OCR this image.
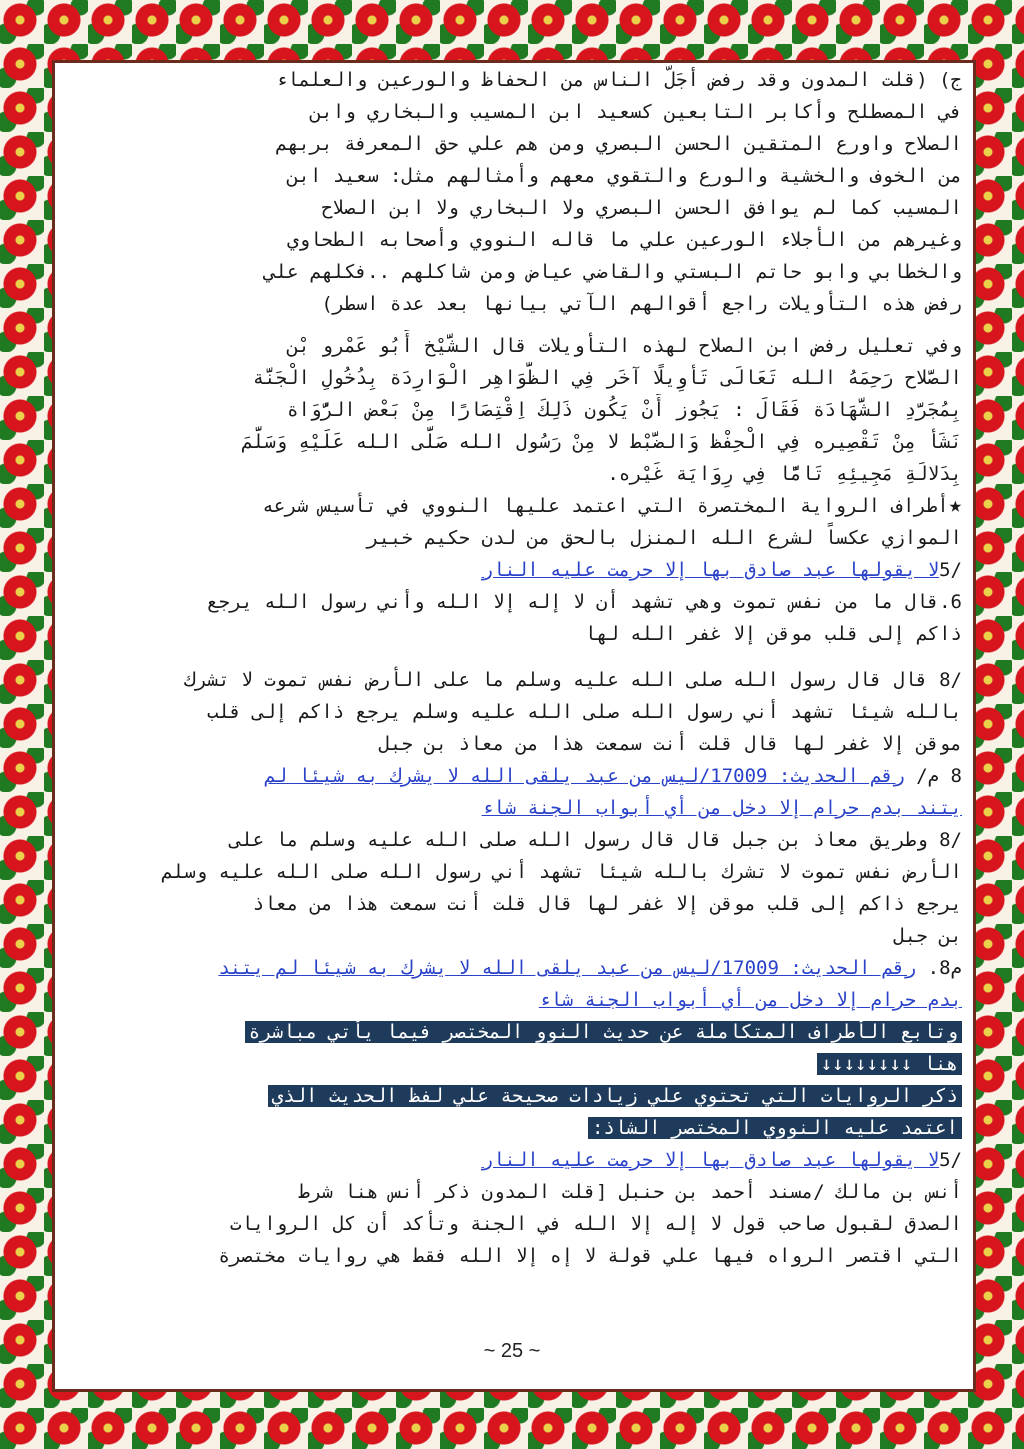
ج) (قلت المدون وقد رفض أجَلّ الناس من الحفاظ والورعين والعلماء
في المصطلح وأكابر التابعين كسعيد ابن المسيب والبخاري وابن
الصلاح واورع المتقين الحسن البصري ومن هم علي حق المعرفة بربهم
من الخوف والخشية والورع والتقوي معهم وأمثالهم مثل: سعيد ابن
المسيب كما لم يوافق الحسن البصري ولا البخاري ولا ابن الصلاح
وغيرهم من الأجلاء الورعين علي ما قاله النووي وأصحابه الطحاوي
والخطابي وابو حاتم البستي والقاضي عياض ومن شاكلهم ..فكلهم علي
رفض هذه التأويلات راجع أقوالهم الآتي بيانها بعد عدة اسطر)
وفي تعليل رفض ابن الصلاح لهذه التأويلات قال الشَّيْخ أَبُو عَمْرو بْن
الصَّلاح رَحِمَهُ الله تَعَالَى تَأْوِيلًا آخَر فِي الظَّوَاهِر الْوَارِدَة بِدُخُولِ الْجَنَّة
بِمُجَرَّدِ الشَّهَادَة فَقَالَ : يَجُوز أَنْ يَكُون ذَلِكَ اِقْتِصَارًا مِنْ بَعْض الرُّوَاة
نَشَأَ مِنْ تَقْصِيره فِي الْحِفْظ وَالضَّبْط لا مِنْ رَسُول الله صَلَّى الله عَلَيْهِ وَسَلَّمَ
بِدَلالَةِ مَجِيئِهِ تَامًّا فِي رِوَايَة غَيْره.
★أطراف الرواية المختصرة التي اعتمد عليها النووي في تأسيس شرعه
الموازي عكساً لشرع الله المنزل بالحق من لدن حكيم خبير
5/لا يقولها عبد صادق بها إلا حرمت عليه النار
.6قال ما من نفس تموت وهي تشهد أن لا إله إلا الله وأني رسول الله يرجع
ذاكم إلى قلب موقن إلا غفر الله لها
8/ قال قال رسول الله صلى الله عليه وسلم ما على الأرض نفس تموت لا تشرك
بالله شيئا تشهد أني رسول الله صلى الله عليه وسلم يرجع ذاكم إلى قلب
موقن إلا غفر لها قال قلت أنت سمعت هذا من معاذ بن جبل
8 م/ رقم الحديث: 17009/ليس من عبد يلقى الله لا يشرك به شيئا لم
يتند بدم حرام إلا دخل من أي أبواب الجنة شاء
8/ وطريق معاذ بن جبل قال قال رسول الله صلى الله عليه وسلم ما على
الأرض نفس تموت لا تشرك بالله شيئا تشهد أني رسول الله صلى الله عليه وسلم
يرجع ذاكم إلى قلب موقن إلا غفر لها قال قلت أنت سمعت هذا من معاذ
بن جبل
.8م رقم الحديث: 17009/ليس من عبد يلقى الله لا يشرك به شيئا لم يتند
بدم حرام إلا دخل من أي أبواب الجنة شاء
وتابع الأطراف المتكاملة عن حديث النوو المختصر فيما يأتي مباشرة
هنا ↓↓↓↓↓↓↓↓
ذكر الروايات التي تحتوي علي زيادات صحيحة علي لفظ الحديث الذي
اعتمد عليه النووي المختصر الشاذ:
5/لا يقولها عبد صادق بها إلا حرمت عليه النار
أنس بن مالك /مسند أحمد بن حنبل [قلت المدون ذكر أنس هنا شرط
الصدق لقبول صاحب قول لا إله إلا الله في الجنة وتأكد أن كل الروايات
التي اقتصر الرواه فيها علي قولة لا إه إلا الله فقط هي روايات مختصرة
~ 25 ~
